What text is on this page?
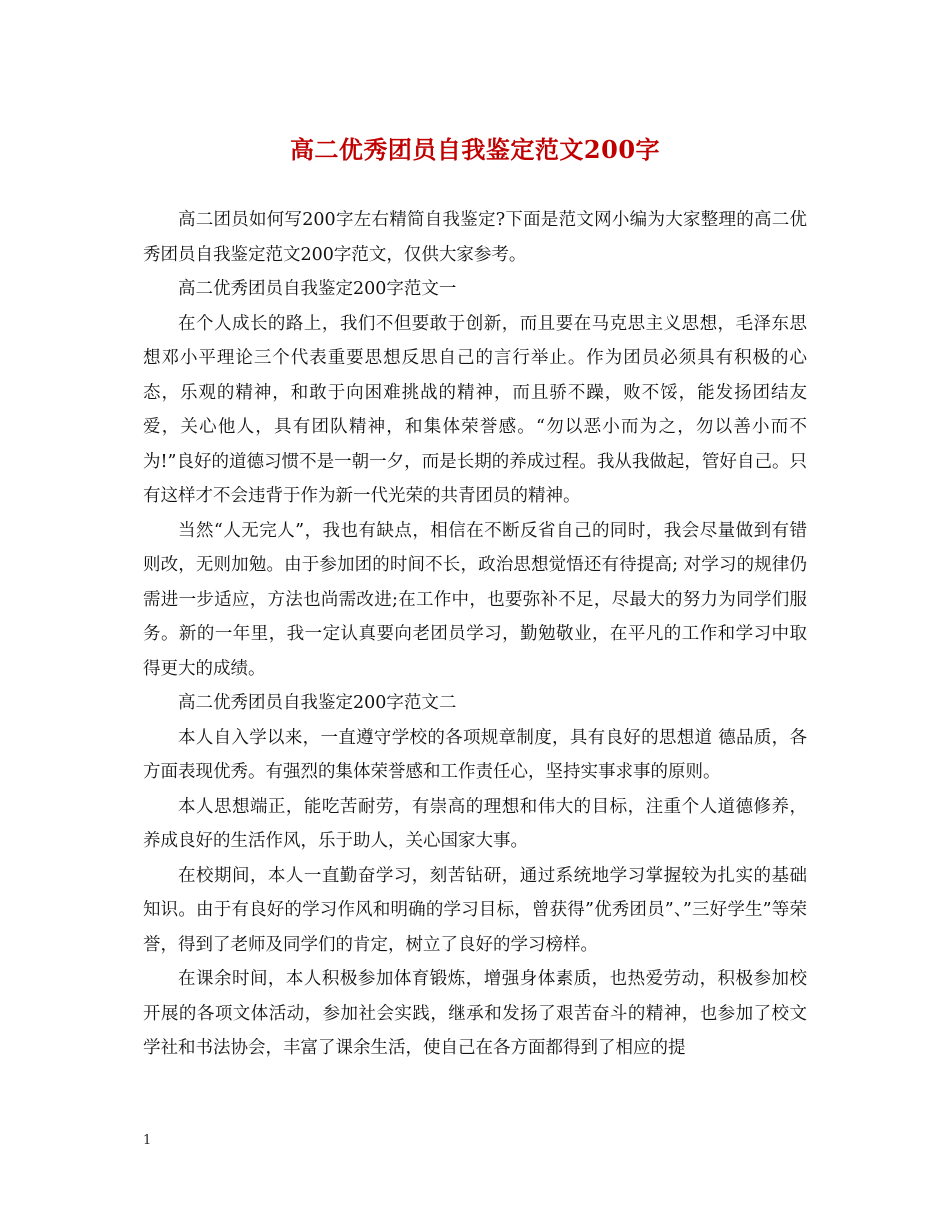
高二优秀团员自我鉴定范文200字

高二团员如何写200字左右精简自我鉴定?下面是范文网小编为大家整理的高二优秀团员自我鉴定范文200字范文，仅供大家参考。

高二优秀团员自我鉴定200字范文一

在个人成长的路上，我们不但要敢于创新，而且要在马克思主义思想，毛泽东思想邓小平理论三个代表重要思想反思自己的言行举止。作为团员必须具有积极的心态，乐观的精神，和敢于向困难挑战的精神，而且骄不躁，败不馁，能发扬团结友爱，关心他人，具有团队精神，和集体荣誉感。“勿以恶小而为之，勿以善小而不为!”良好的道德习惯不是一朝一夕，而是长期的养成过程。我从我做起，管好自己。只有这样才不会违背于作为新一代光荣的共青团员的精神。

当然“人无完人”，我也有缺点，相信在不断反省自己的同时，我会尽量做到有错则改，无则加勉。由于参加团的时间不长，政治思想觉悟还有待提高; 对学习的规律仍需进一步适应，方法也尚需改进;在工作中，也要弥补不足，尽最大的努力为同学们服务。新的一年里，我一定认真要向老团员学习，勤勉敬业，在平凡的工作和学习中取得更大的成绩。

高二优秀团员自我鉴定200字范文二

本人自入学以来，一直遵守学校的各项规章制度，具有良好的思想道 德品质，各方面表现优秀。有强烈的集体荣誉感和工作责任心，坚持实事求事的原则。

本人思想端正，能吃苦耐劳，有崇高的理想和伟大的目标，注重个人道德修养，养成良好的生活作风，乐于助人，关心国家大事。

在校期间，本人一直勤奋学习，刻苦钻研，通过系统地学习掌握较为扎实的基础知识。由于有良好的学习作风和明确的学习目标，曾获得”优秀团员”、”三好学生”等荣誉，得到了老师及同学们的肯定，树立了良好的学习榜样。

在课余时间，本人积极参加体育锻炼，增强身体素质，也热爱劳动，积极参加校开展的各项文体活动，参加社会实践，继承和发扬了艰苦奋斗的精神，也参加了校文学社和书法协会，丰富了课余生活，使自己在各方面都得到了相应的提

1
